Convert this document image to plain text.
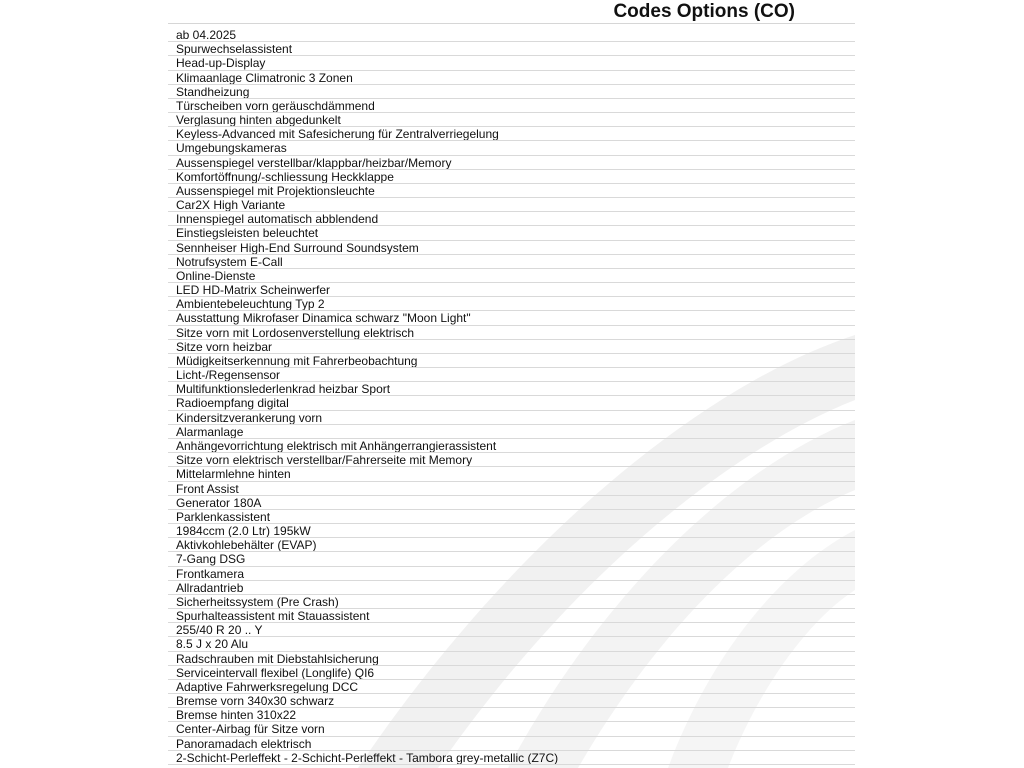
Codes Options (CO)
ab 04.2025
Spurwechselassistent
Head-up-Display
Klimaanlage Climatronic 3 Zonen
Standheizung
Türscheiben vorn geräuschdämmend
Verglasung hinten abgedunkelt
Keyless-Advanced mit Safesicherung für Zentralverriegelung
Umgebungskameras
Aussenspiegel verstellbar/klappbar/heizbar/Memory
Komfortöffnung/-schliessung Heckklappe
Aussenspiegel mit Projektionsleuchte
Car2X High Variante
Innenspiegel automatisch abblendend
Einstiegsleisten beleuchtet
Sennheiser High-End Surround Soundsystem
Notrufsystem E-Call
Online-Dienste
LED HD-Matrix Scheinwerfer
Ambientebeleuchtung Typ 2
Ausstattung Mikrofaser Dinamica schwarz "Moon Light"
Sitze vorn mit Lordosenverstellung elektrisch
Sitze vorn heizbar
Müdigkeitserkennung mit Fahrerbeobachtung
Licht-/Regensensor
Multifunktionslederlenkrad heizbar Sport
Radioempfang digital
Kindersitzverankerung vorn
Alarmanlage
Anhängevorrichtung elektrisch mit Anhängerrangierassistent
Sitze vorn elektrisch verstellbar/Fahrerseite mit Memory
Mittelarmlehne hinten
Front Assist
Generator 180A
Parklenkassistent
1984ccm (2.0 Ltr) 195kW
Aktivkohlebehälter (EVAP)
7-Gang DSG
Frontkamera
Allradantrieb
Sicherheitssystem (Pre Crash)
Spurhalteassistent mit Stauassistent
255/40 R 20 .. Y
8.5 J x 20 Alu
Radschrauben mit Diebstahlsicherung
Serviceintervall flexibel (Longlife) QI6
Adaptive Fahrwerksregelung DCC
Bremse vorn 340x30 schwarz
Bremse hinten 310x22
Center-Airbag für Sitze vorn
Panoramadach elektrisch
2-Schicht-Perleffekt - 2-Schicht-Perleffekt - Tambora grey-metallic (Z7C)
